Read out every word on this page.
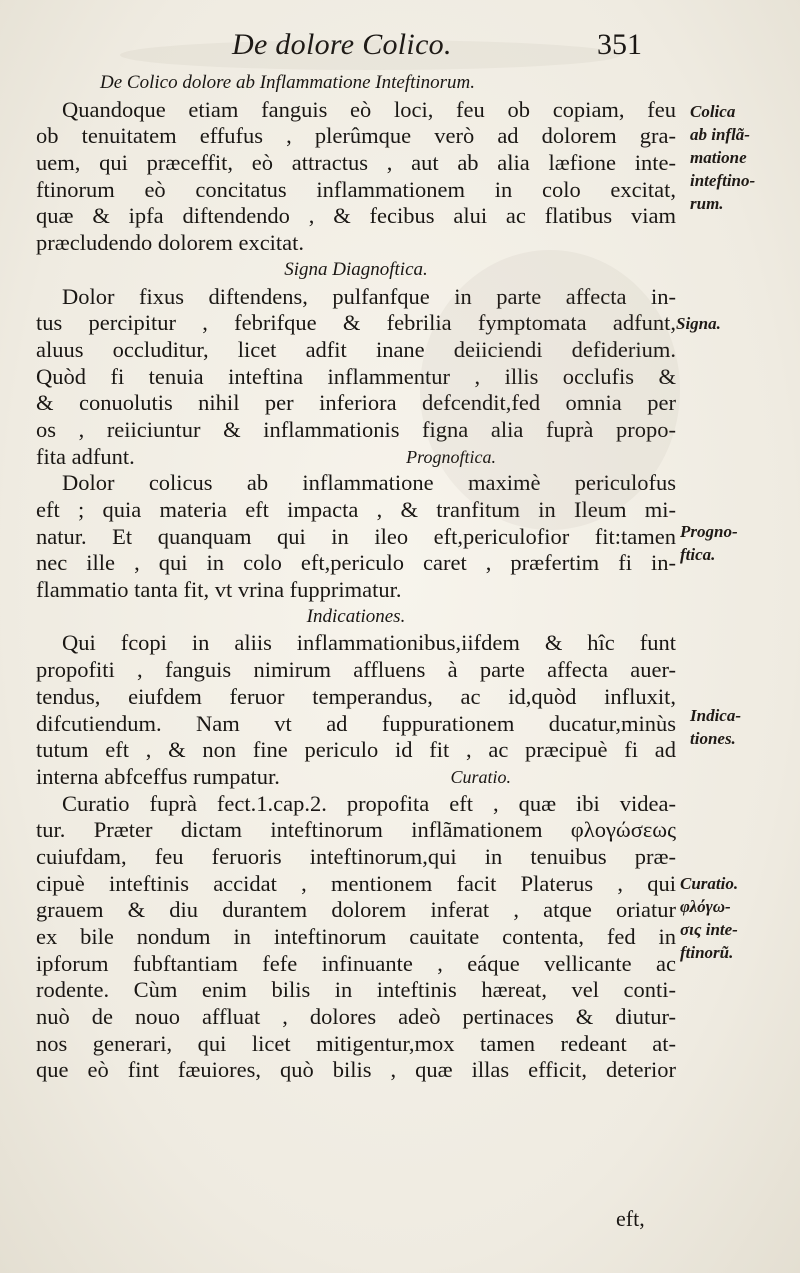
De dolore Colico.	351
De Colico dolore ab Inflammatione Inteftinorum.
Quandoque etiam fanguis eò loci, feu ob copiam, feu
ob tenuitatem effufus , plerûmque verò ad dolorem gra-
uem, qui præceffit, eò attractus , aut ab alia læfione inte-
ftinorum eò concitatus inflammationem in colo excitat,
quæ & ipfa diftendendo , & fecibus alui ac flatibus viam
præcludendo dolorem excitat.
Signa Diagnoftica.
Dolor fixus diftendens, pulfanfque in parte affecta in-
tus percipitur , febrifque & febrilia fymptomata adfunt,
aluus occluditur, licet adfit inane deiiciendi defiderium.
Quòd fi tenuia inteftina inflammentur , illis occlufis &
& conuolutis nihil per inferiora defcendit,fed omnia per
os , reiiciuntur & inflammationis figna alia fuprà propo-
fita adfunt.	Prognoftica.
Dolor colicus ab inflammatione maximè periculofus
eft ; quia materia eft impacta , & tranfitum in Ileum mi-
natur. Et quanquam qui in ileo eft,periculofior fit:tamen
nec ille , qui in colo eft,periculo caret , præfertim fi in-
flammatio tanta fit, vt vrina fupprimatur.
Indicationes.
Qui fcopi in aliis inflammationibus,iifdem & hîc funt
propofiti , fanguis nimirum affluens à parte affecta auer-
tendus, eiufdem feruor temperandus, ac id,quòd influxit,
difcutiendum. Nam vt ad fuppurationem ducatur,minùs
tutum eft , & non fine periculo id fit , ac præcipuè fi ad
interna abfceffus rumpatur.	Curatio.
Curatio fuprà fect.1.cap.2. propofita eft , quæ ibi videa-
tur. Præter dictam inteftinorum inflãmationem φλογώσεως
cuiufdam, feu feruoris inteftinorum,qui in tenuibus præ-
cipuè inteftinis accidat , mentionem facit Platerus , qui
grauem & diu durantem dolorem inferat , atque oriatur
ex bile nondum in inteftinorum cauitate contenta, fed in
ipforum fubftantiam fefe infinuante , eáque vellicante ac
rodente. Cùm enim bilis in inteftinis hæreat, vel conti-
nuò de nouo affluat , dolores adeò pertinaces & diutur-
nos generari, qui licet mitigentur,mox tamen redeant at-
que eò fint fæuiores, quò bilis , quæ illas efficit, deterior
Colica
ab inflã-
matione
inteftino-
rum.
Signa.
Progno-
ftica.
Indica-
tiones.
Curatio.
φλόγω-
σις inte-
ftinorũ.
eft,
